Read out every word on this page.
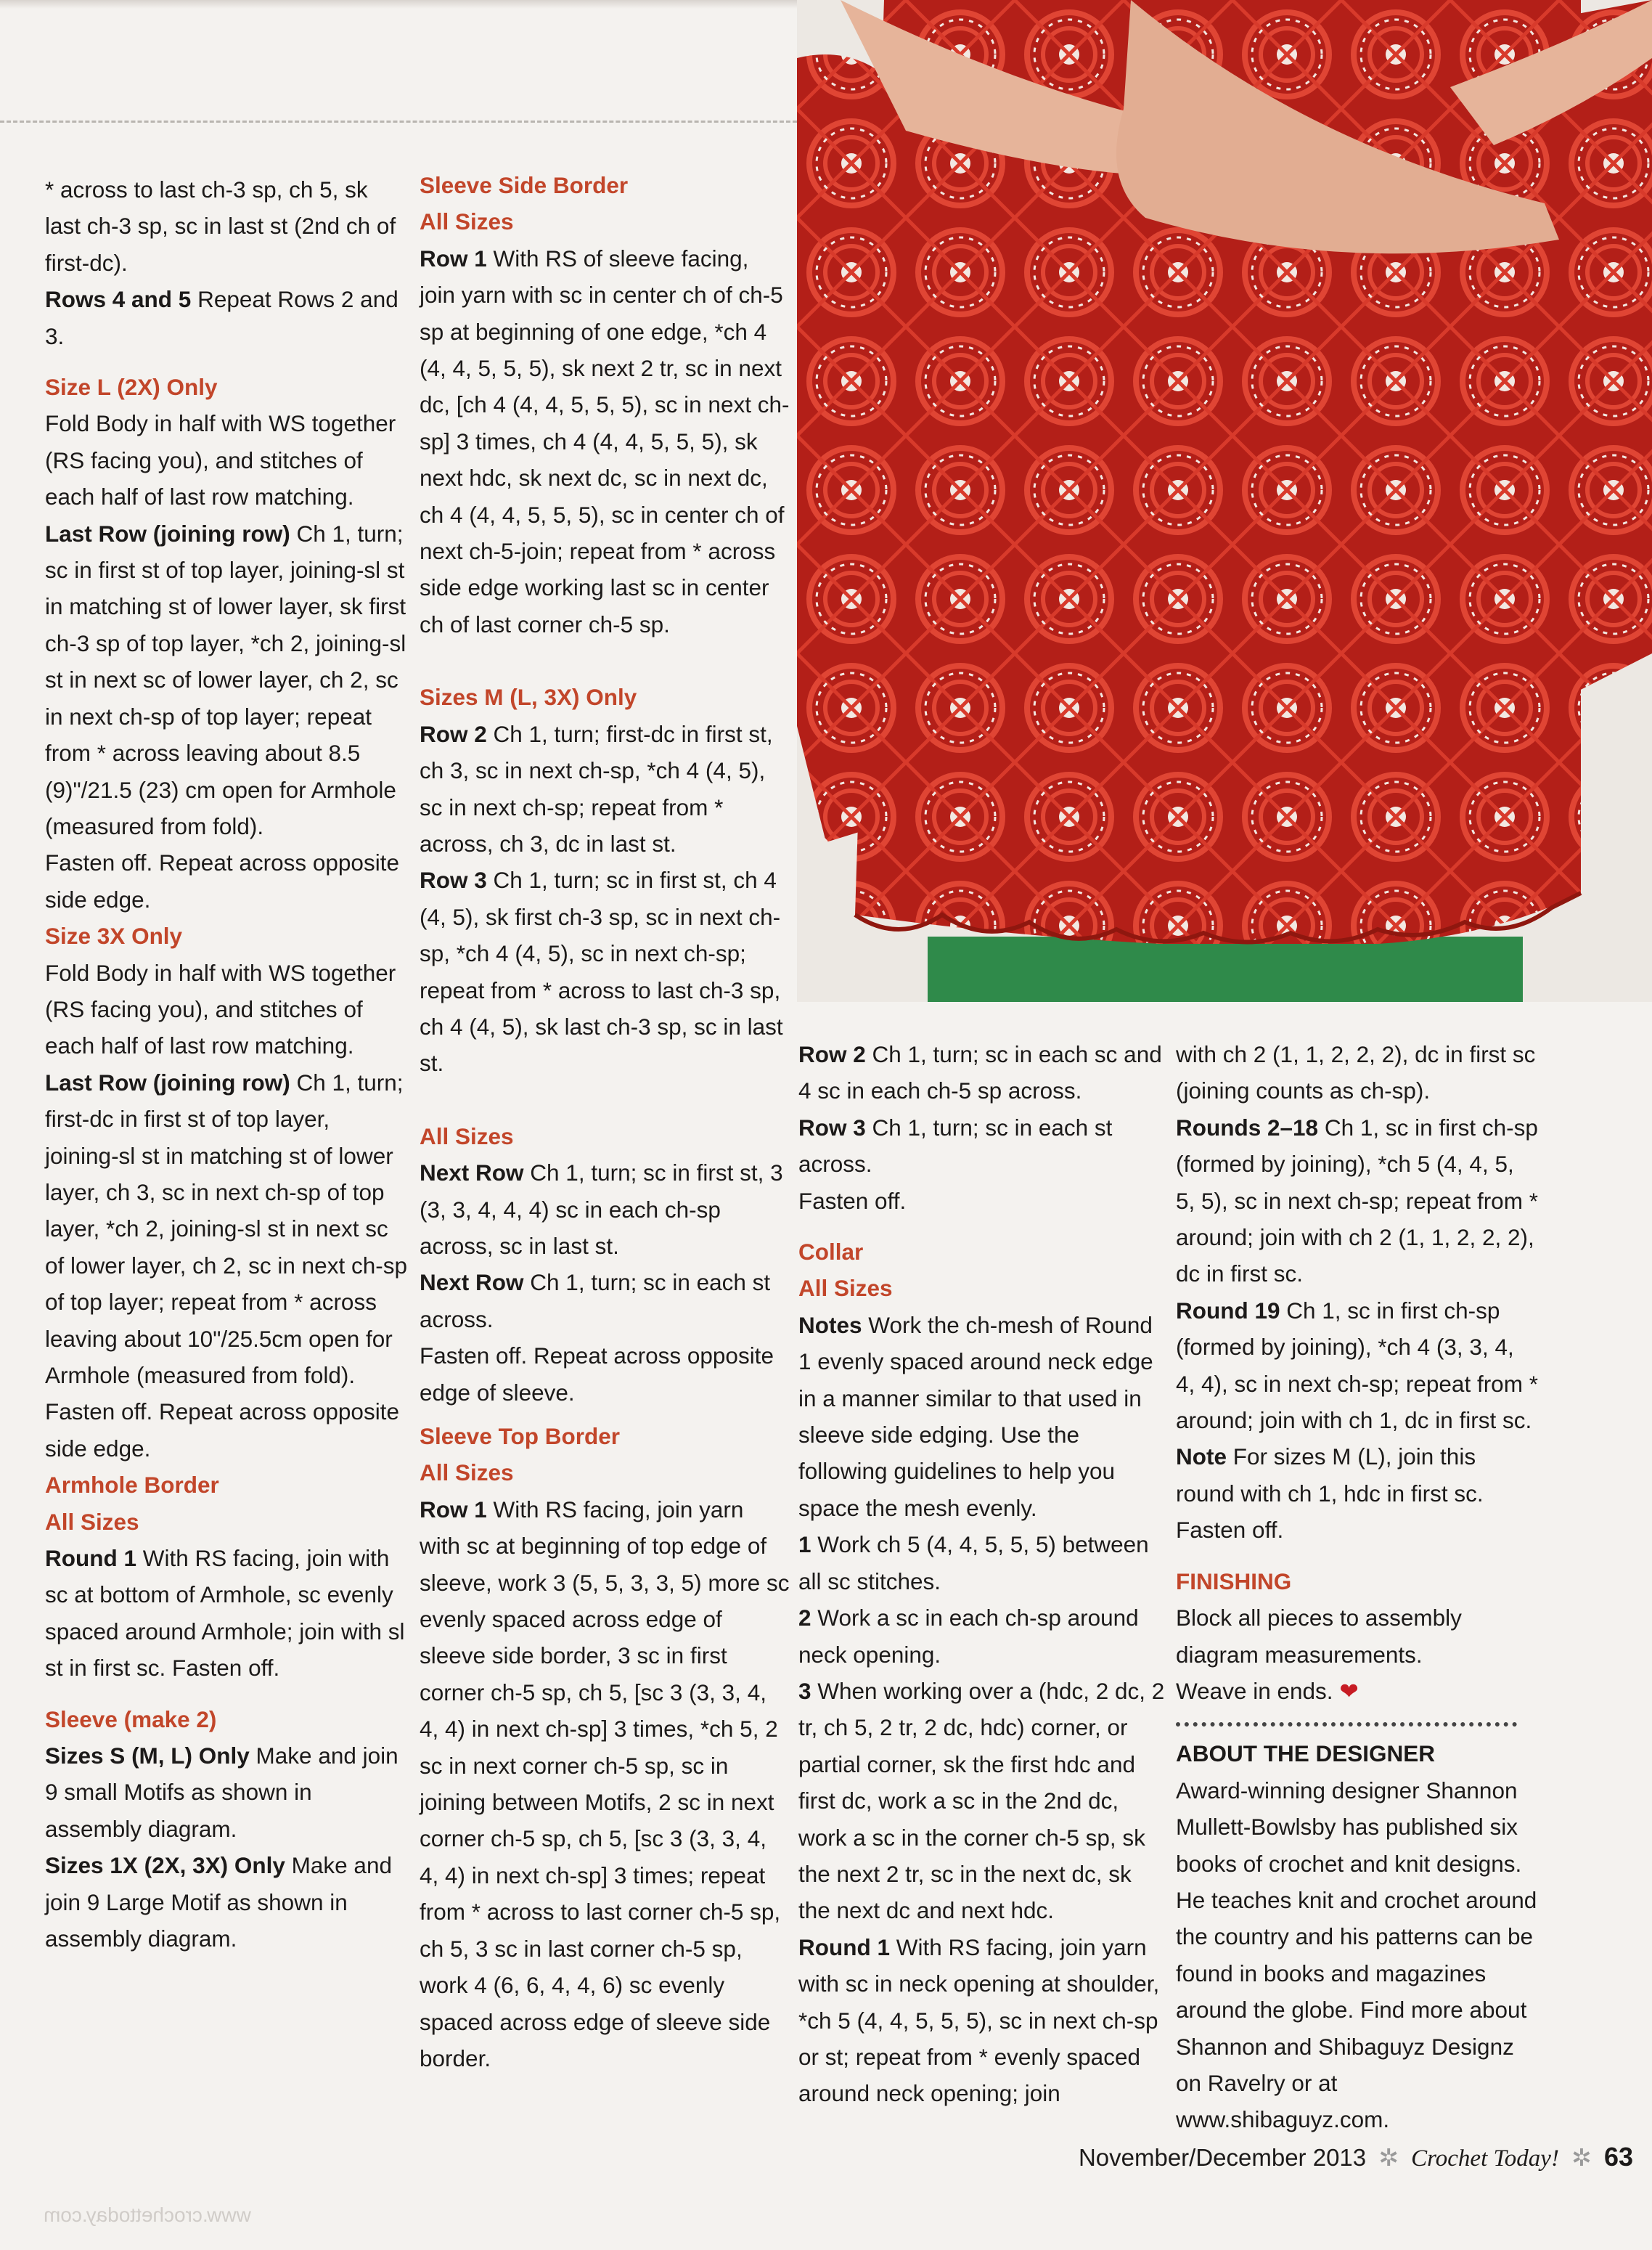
* across to last ch-3 sp, ch 5, sk last ch-3 sp, sc in last st (2nd ch of first-dc).

Rows 4 and 5 Repeat Rows 2 and 3.

Size L (2X) Only

Fold Body in half with WS together (RS facing you), and stitches of each half of last row matching.

Last Row (joining row) Ch 1, turn; sc in first st of top layer, joining-sl st in matching st of lower layer, sk first ch-3 sp of top layer, *ch 2, joining-sl st in next sc of lower layer, ch 2, sc in next ch-sp of top layer; repeat from * across leaving about 8.5 (9)"/21.5 (23) cm open for Armhole (measured from fold).

Fasten off. Repeat across opposite side edge.

Size 3X Only

Fold Body in half with WS together (RS facing you), and stitches of each half of last row matching.

Last Row (joining row) Ch 1, turn; first-dc in first st of top layer, joining-sl st in matching st of lower layer, ch 3, sc in next ch-sp of top layer, *ch 2, joining-sl st in next sc of lower layer, ch 2, sc in next ch-sp of top layer; repeat from * across leaving about 10"/25.5cm open for Armhole (measured from fold).

Fasten off. Repeat across opposite side edge.

Armhole Border

All Sizes

Round 1 With RS facing, join with sc at bottom of Armhole, sc evenly spaced around Armhole; join with sl st in first sc. Fasten off.

Sleeve (make 2)

Sizes S (M, L) Only Make and join 9 small Motifs as shown in assembly diagram.

Sizes 1X (2X, 3X) Only Make and join 9 Large Motif as shown in assembly diagram.

Sleeve Side Border

All Sizes

Row 1 With RS of sleeve facing, join yarn with sc in center ch of ch-5 sp at beginning of one edge, *ch 4 (4, 4, 5, 5, 5), sk next 2 tr, sc in next dc, [ch 4 (4, 4, 5, 5, 5), sc in next ch-sp] 3 times, ch 4 (4, 4, 5, 5, 5), sk next hdc, sk next dc, sc in next dc, ch 4 (4, 4, 5, 5, 5), sc in center ch of next ch-5-join; repeat from * across side edge working last sc in center ch of last corner ch-5 sp.

Sizes M (L, 3X) Only

Row 2 Ch 1, turn; first-dc in first st, ch 3, sc in next ch-sp, *ch 4 (4, 5), sc in next ch-sp; repeat from * across, ch 3, dc in last st.

Row 3 Ch 1, turn; sc in first st, ch 4 (4, 5), sk first ch-3 sp, sc in next ch-sp, *ch 4 (4, 5), sc in next ch-sp; repeat from * across to last ch-3 sp, ch 4 (4, 5), sk last ch-3 sp, sc in last st.

All Sizes

Next Row Ch 1, turn; sc in first st, 3 (3, 3, 4, 4, 4) sc in each ch-sp across, sc in last st.

Next Row Ch 1, turn; sc in each st across.

Fasten off. Repeat across opposite edge of sleeve.

Sleeve Top Border

All Sizes

Row 1 With RS facing, join yarn with sc at beginning of top edge of sleeve, work 3 (5, 5, 3, 3, 5) more sc evenly spaced across edge of sleeve side border, 3 sc in first corner ch-5 sp, ch 5, [sc 3 (3, 3, 4, 4, 4) in next ch-sp] 3 times, *ch 5, 2 sc in next corner ch-5 sp, sc in joining between Motifs, 2 sc in next corner ch-5 sp, ch 5, [sc 3 (3, 3, 4, 4, 4) in next ch-sp] 3 times; repeat from * across to last corner ch-5 sp, ch 5, 3 sc in last corner ch-5 sp, work 4 (6, 6, 4, 4, 6) sc evenly spaced across edge of sleeve side border.

Row 2 Ch 1, turn; sc in each sc and 4 sc in each ch-5 sp across.

Row 3 Ch 1, turn; sc in each st across.

Fasten off.

Collar

All Sizes

Notes Work the ch-mesh of Round 1 evenly spaced around neck edge in a manner similar to that used in sleeve side edging. Use the following guidelines to help you space the mesh evenly.

1 Work ch 5 (4, 4, 5, 5, 5) between all sc stitches.

2 Work a sc in each ch-sp around neck opening.

3 When working over a (hdc, 2 dc, 2 tr, ch 5, 2 tr, 2 dc, hdc) corner, or partial corner, sk the first hdc and first dc, work a sc in the 2nd dc, work a sc in the corner ch-5 sp, sk the next 2 tr, sc in the next dc, sk the next dc and next hdc.

Round 1 With RS facing, join yarn with sc in neck opening at shoulder, *ch 5 (4, 4, 5, 5, 5), sc in next ch-sp or st; repeat from * evenly spaced around neck opening; join

with ch 2 (1, 1, 2, 2, 2), dc in first sc (joining counts as ch-sp).

Rounds 2–18 Ch 1, sc in first ch-sp (formed by joining), *ch 5 (4, 4, 5, 5, 5), sc in next ch-sp; repeat from * around; join with ch 2 (1, 1, 2, 2, 2), dc in first sc.

Round 19 Ch 1, sc in first ch-sp (formed by joining), *ch 4 (3, 3, 4, 4, 4), sc in next ch-sp; repeat from * around; join with ch 1, dc in first sc. Note For sizes M (L), join this round with ch 1, hdc in first sc. Fasten off.

FINISHING

Block all pieces to assembly diagram measurements.

Weave in ends. ❤

ABOUT THE DESIGNER

Award-winning designer Shannon Mullett-Bowlsby has published six books of crochet and knit designs. He teaches knit and crochet around the country and his patterns can be found in books and magazines around the globe. Find more about Shannon and Shibaguyz Designz on Ravelry or at www.shibaguyz.com.

November/December 2013 ✲ Crochet Today! ✲ 63
www.crochettoday.com
